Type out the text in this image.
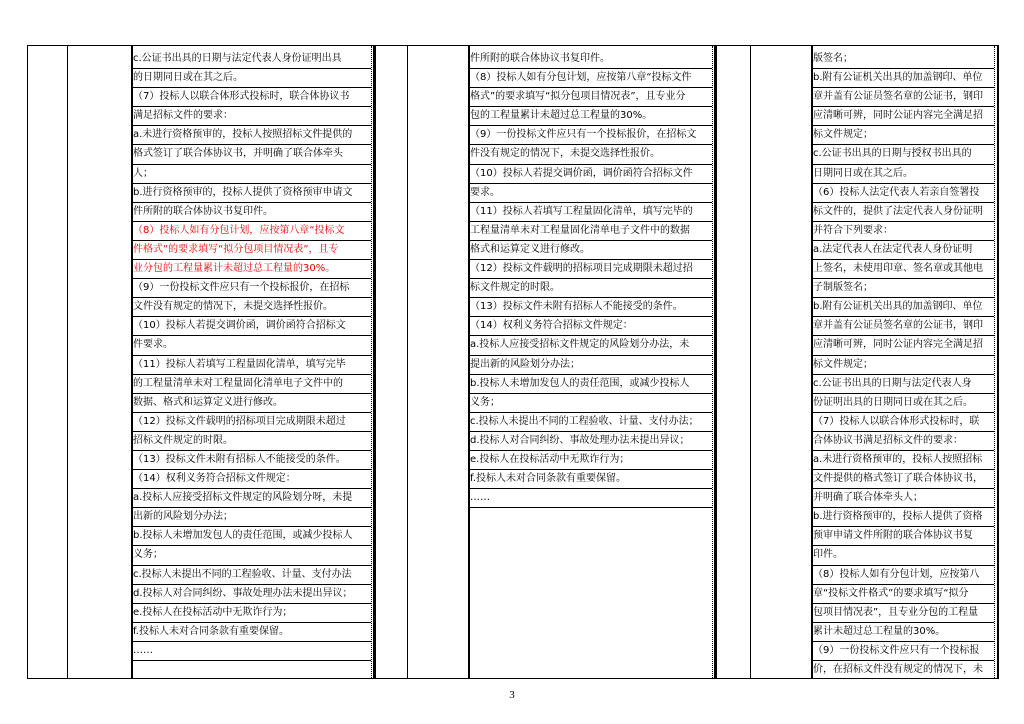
c.公证书出具的日期与法定代表人身份证明出具
的日期同日或在其之后。
（7）投标人以联合体形式投标时，联合体协议书
满足招标文件的要求：
a.未进行资格预审的，投标人按照招标文件提供的
格式签订了联合体协议书，并明确了联合体牵头
人；
b.进行资格预审的，投标人提供了资格预审申请文
件所附的联合体协议书复印件。
（8）投标人如有分包计划，应按第八章“投标文
件格式”的要求填写“拟分包项目情况表”，且专
业分包的工程量累计未超过总工程量的30%。
（9）一份投标文件应只有一个投标报价，在招标
文件没有规定的情况下，未提交选择性报价。
（10）投标人若提交调价函，调价函符合招标文
件要求。
（11）投标人若填写工程量固化清单，填写完毕
的工程量清单未对工程量固化清单电子文件中的
数据、格式和运算定义进行修改。
（12）投标文件载明的招标项目完成期限未超过
招标文件规定的时限。
（13）投标文件未附有招标人不能接受的条件。
（14）权利义务符合招标文件规定：
a.投标人应接受招标文件规定的风险划分呀，未提
出新的风险划分办法；
b.投标人未增加发包人的责任范围，或减少投标人
义务；
c.投标人未提出不同的工程验收、计量、支付办法
d.投标人对合同纠纷、事故处理办法未提出异议；
e.投标人在投标活动中无欺诈行为；
f.投标人未对合同条款有重要保留。
……
件所附的联合体协议书复印件。
（8）投标人如有分包计划，应按第八章“投标文件
格式”的要求填写“拟分包项目情况表”，且专业分
包的工程量累计未超过总工程量的30%。
（9）一份投标文件应只有一个投标报价，在招标文
件没有规定的情况下，未提交选择性报价。
（10）投标人若提交调价函，调价函符合招标文件
要求。
（11）投标人若填写工程量固化清单，填写完毕的
工程量清单未对工程量固化清单电子文件中的数据
格式和运算定义进行修改。
（12）投标文件载明的招标项目完成期限未超过招
标文件规定的时限。
（13）投标文件未附有招标人不能接受的条件。
（14）权利义务符合招标文件规定：
a.投标人应接受招标文件规定的风险划分办法，未
提出新的风险划分办法；
b.投标人未增加发包人的责任范围，或减少投标人
义务；
c.投标人未提出不同的工程验收、计量、支付办法；
d.投标人对合同纠纷、事故处理办法未提出异议；
e.投标人在投标活动中无欺诈行为；
f.投标人未对合同条款有重要保留。
……
版签名；
b.附有公证机关出具的加盖钢印、单位
章并盖有公证员签名章的公证书，钢印
应清晰可辨，同时公证内容完全满足招
标文件规定；
c.公证书出具的日期与授权书出具的
日期同日或在其之后。
（6）投标人法定代表人若亲自签署投
标文件的，提供了法定代表人身份证明
并符合下列要求：
a.法定代表人在法定代表人身份证明
上签名，未使用印章、签名章或其他电
子制版签名；
b.附有公证机关出具的加盖钢印、单位
章并盖有公证员签名章的公证书，钢印
应清晰可辨，同时公证内容完全满足招
标文件规定；
c.公证书出具的日期与法定代表人身
份证明出具的日期同日或在其之后。
（7）投标人以联合体形式投标时，联
合体协议书满足招标文件的要求：
a.未进行资格预审的，投标人按照招标
文件提供的格式签订了联合体协议书，
并明确了联合体牵头人；
b.进行资格预审的，投标人提供了资格
预审申请文件所附的联合体协议书复
印件。
（8）投标人如有分包计划，应按第八
章“投标文件格式”的要求填写“拟分
包项目情况表”，且专业分包的工程量
累计未超过总工程量的30%。
（9）一份投标文件应只有一个投标报
价，在招标文件没有规定的情况下，未
3
